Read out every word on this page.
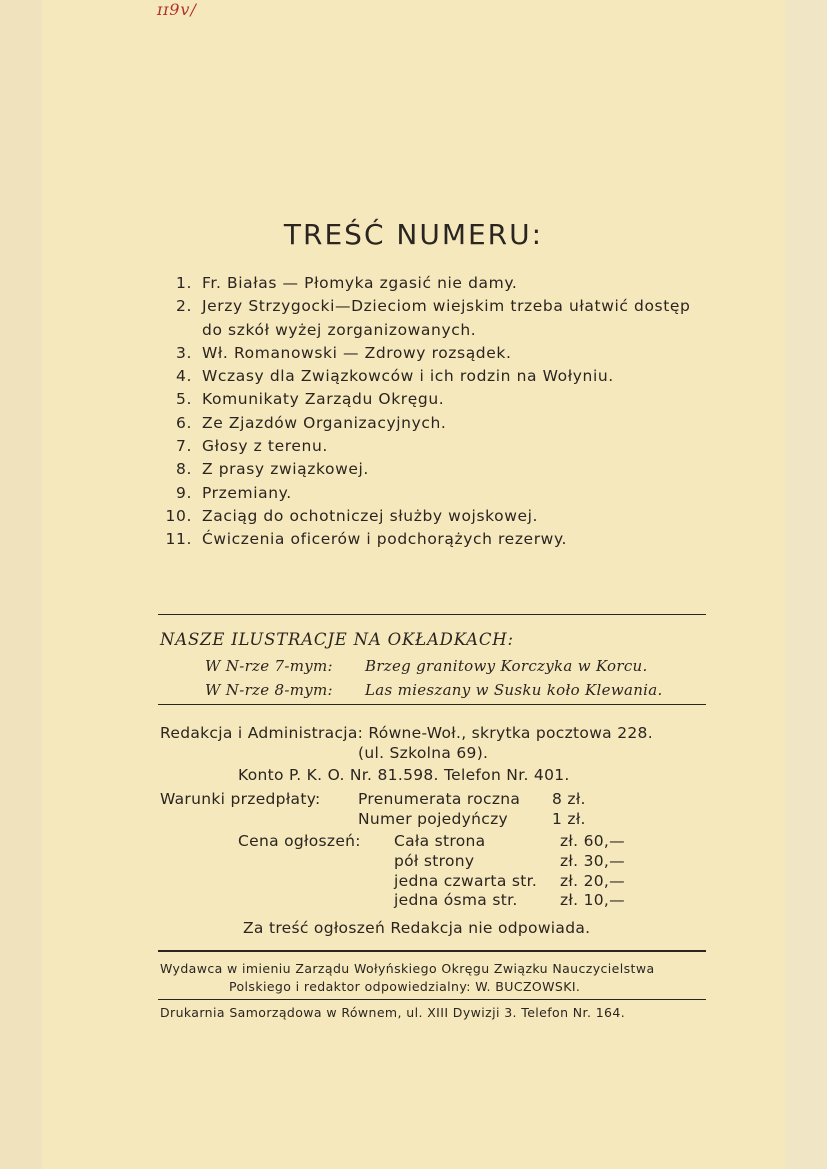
ɪɪ9v/
TREŚĆ NUMERU:
1. Fr. Białas — Płomyka zgasić nie damy.
2. Jerzy Strzygocki—Dzieciom wiejskim trzeba ułatwić dostęp
do szkół wyżej zorganizowanych.
3. Wł. Romanowski — Zdrowy rozsądek.
4. Wczasy dla Związkowców i ich rodzin na Wołyniu.
5. Komunikaty Zarządu Okręgu.
6. Ze Zjazdów Organizacyjnych.
7. Głosy z terenu.
8. Z prasy związkowej.
9. Przemiany.
10. Zaciąg do ochotniczej służby wojskowej.
11. Ćwiczenia oficerów i podchorążych rezerwy.
NASZE ILUSTRACJE NA OKŁADKACH:
W N-rze 7-mym: Brzeg granitowy Korczyka w Korcu.
W N-rze 8-mym: Las mieszany w Susku koło Klewania.
Redakcja i Administracja: Równe-Woł., skrytka pocztowa 228.
(ul. Szkolna 69).
Konto P. K. O. Nr. 81.598. Telefon Nr. 401.
Warunki przedpłaty: Prenumerata roczna 8 zł.
Numer pojedyńczy	1 zł.
Cena ogłoszeń: Cała strona	zł. 60,—
pół strony	zł. 30,—
jedna czwarta str. zł. 20,—
jedna ósma str.	zł. 10,—
Za treść ogłoszeń Redakcja nie odpowiada.
Wydawca w imieniu Zarządu Wołyńskiego Okręgu Związku Nauczycielstwa
Polskiego i redaktor odpowiedzialny: W. BUCZOWSKI.
Drukarnia Samorządowa w Równem, ul. XIII Dywizji 3. Telefon Nr. 164.
